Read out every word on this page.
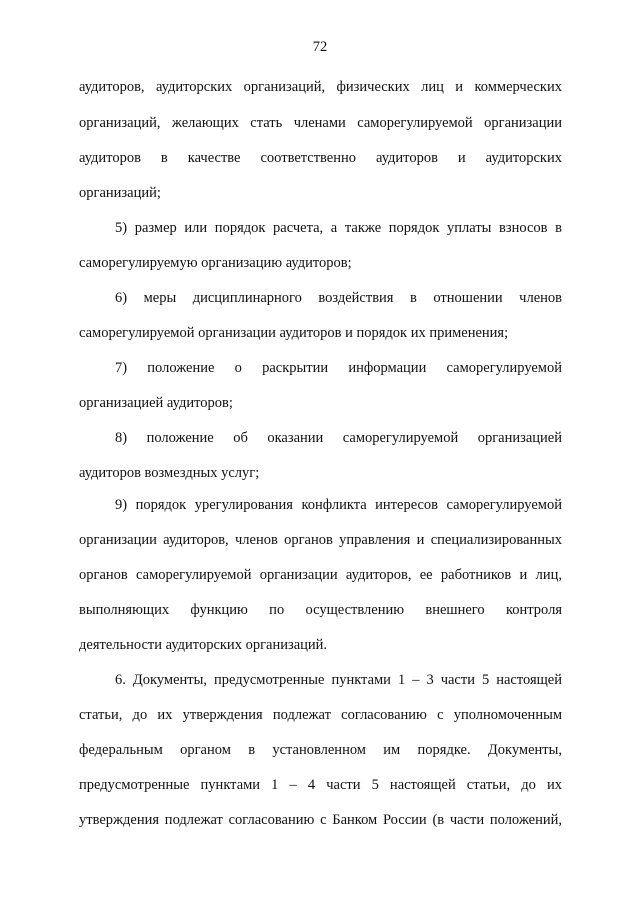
72
аудиторов, аудиторских организаций, физических лиц и коммерческих
организаций, желающих стать членами саморегулируемой организации
аудиторов в качестве соответственно аудиторов и аудиторских
организаций;
5) размер или порядок расчета, а также порядок уплаты взносов в
саморегулируемую организацию аудиторов;
6) меры дисциплинарного воздействия в отношении членов
саморегулируемой организации аудиторов и порядок их применения;
7) положение о раскрытии информации саморегулируемой
организацией аудиторов;
8) положение об оказании саморегулируемой организацией
аудиторов возмездных услуг;
9) порядок урегулирования конфликта интересов саморегулируемой
организации аудиторов, членов органов управления и специализированных
органов саморегулируемой организации аудиторов, ее работников и лиц,
выполняющих функцию по осуществлению внешнего контроля
деятельности аудиторских организаций.
6. Документы, предусмотренные пунктами 1 – 3 части 5 настоящей
статьи, до их утверждения подлежат согласованию с уполномоченным
федеральным органом в установленном им порядке. Документы,
предусмотренные пунктами 1 – 4 части 5 настоящей статьи, до их
утверждения подлежат согласованию с Банком России (в части положений,
